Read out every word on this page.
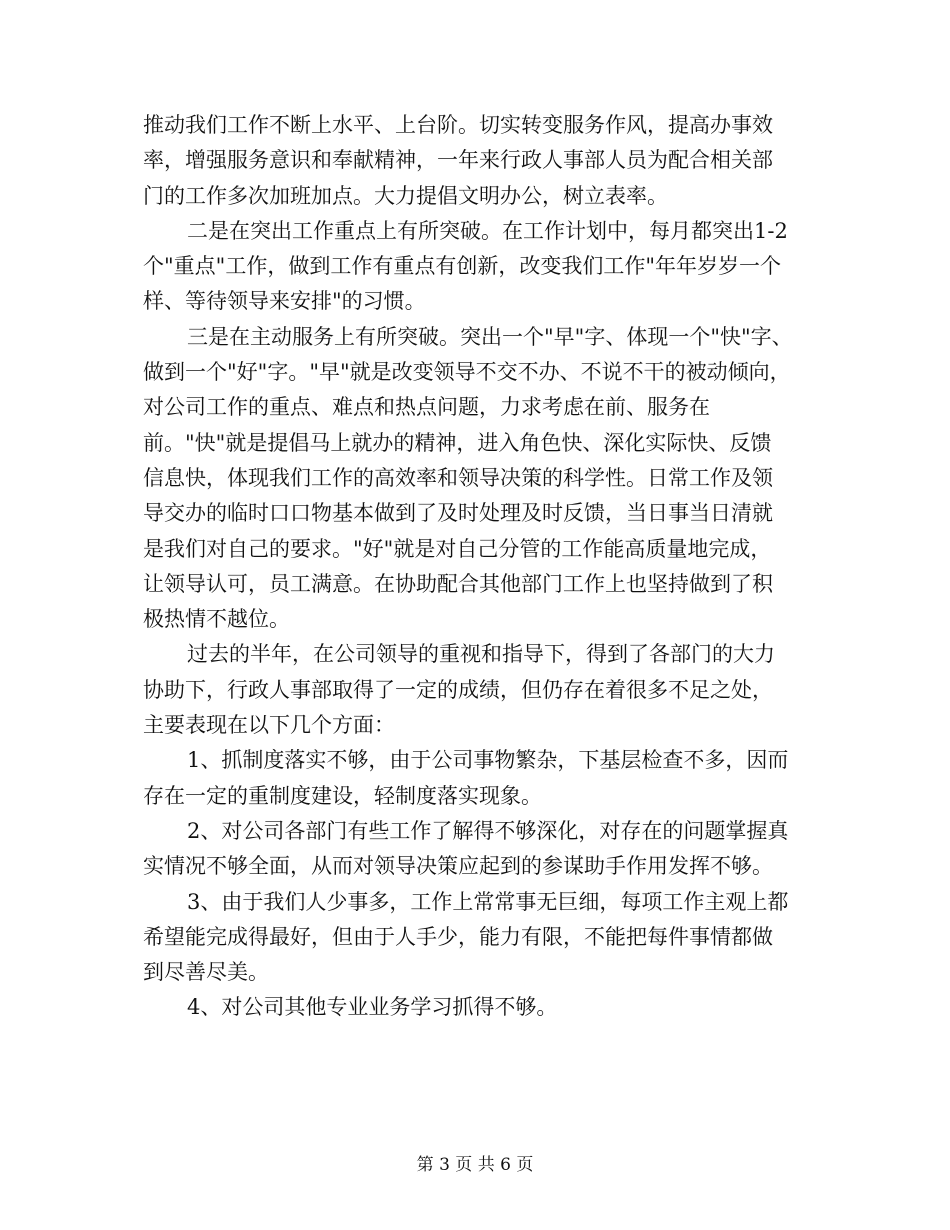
推动我们工作不断上水平、上台阶。切实转变服务作风，提高办事效
率，增强服务意识和奉献精神，一年来行政人事部人员为配合相关部
门的工作多次加班加点。大力提倡文明办公，树立表率。

二是在突出工作重点上有所突破。在工作计划中，每月都突出1-2
个"重点"工作，做到工作有重点有创新，改变我们工作"年年岁岁一个
样、等待领导来安排"的习惯。

三是在主动服务上有所突破。突出一个"早"字、体现一个"快"字、
做到一个"好"字。"早"就是改变领导不交不办、不说不干的被动倾向，
对公司工作的重点、难点和热点问题，力求考虑在前、服务在
前。"快"就是提倡马上就办的精神，进入角色快、深化实际快、反馈
信息快，体现我们工作的高效率和领导决策的科学性。日常工作及领
导交办的临时口口物基本做到了及时处理及时反馈，当日事当日清就
是我们对自己的要求。"好"就是对自己分管的工作能高质量地完成，
让领导认可，员工满意。在协助配合其他部门工作上也坚持做到了积
极热情不越位。

过去的半年，在公司领导的重视和指导下，得到了各部门的大力
协助下，行政人事部取得了一定的成绩，但仍存在着很多不足之处，
主要表现在以下几个方面：

1、抓制度落实不够，由于公司事物繁杂，下基层检查不多，因而
存在一定的重制度建设，轻制度落实现象。

2、对公司各部门有些工作了解得不够深化，对存在的问题掌握真
实情况不够全面，从而对领导决策应起到的参谋助手作用发挥不够。

3、由于我们人少事多，工作上常常事无巨细，每项工作主观上都
希望能完成得最好，但由于人手少，能力有限，不能把每件事情都做
到尽善尽美。

4、对公司其他专业业务学习抓得不够。

第 3 页 共 6 页
